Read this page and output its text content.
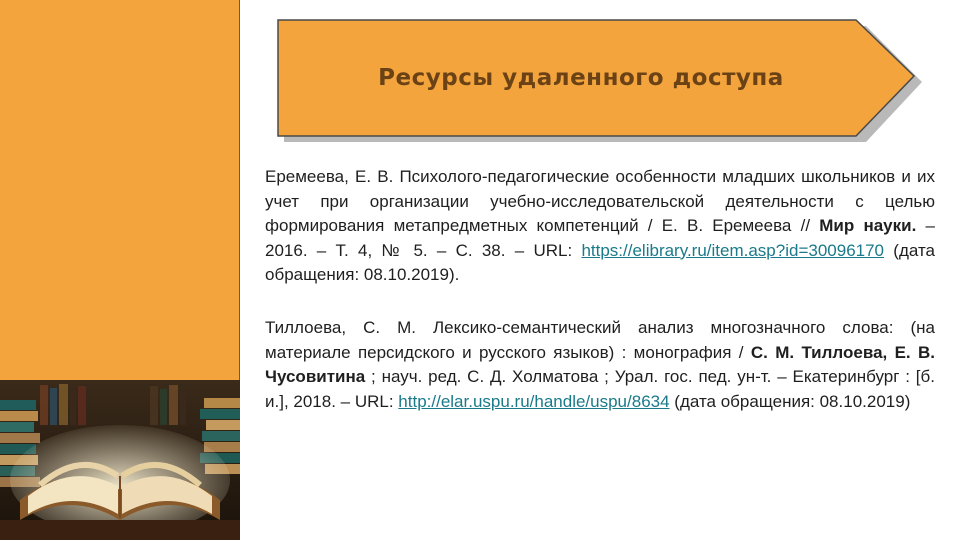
Ресурсы удаленного доступа

Еремеева, Е. В. Психолого-педагогические особенности младших школьников и их учет при организации учебно-исследовательской деятельности с целью формирования метапредметных компетенций / Е. В. Еремеева // Мир науки. – 2016. – Т. 4, № 5. – С. 38. – URL: https://elibrary.ru/item.asp?id=30096170 (дата обращения: 08.10.2019).

Тиллоева, С. М. Лексико-семантический анализ многозначного слова: (на материале персидского и русского языков) : монография / С. М. Тиллоева, Е. В. Чусовитина ; науч. ред. С. Д. Холматова ; Урал. гос. пед. ун-т. – Екатеринбург : [б. и.], 2018. – URL: http://elar.uspu.ru/handle/uspu/8634 (дата обращения: 08.10.2019)
